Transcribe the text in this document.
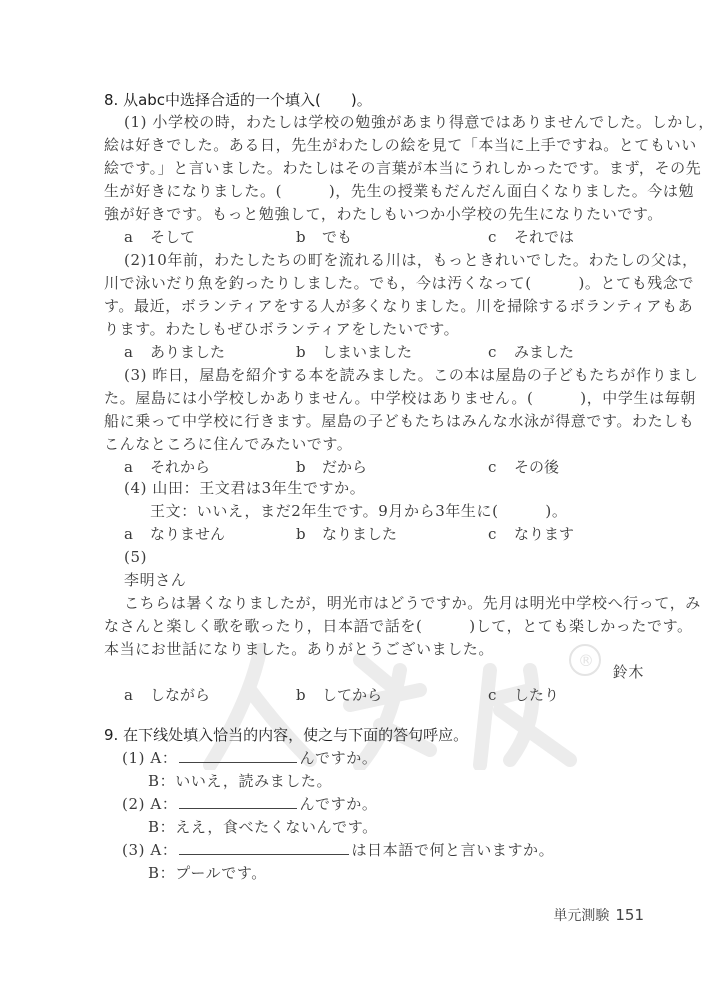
®
8. 从abc中选择合适的一个填入(　　)。
(1) 小学校の時，わたしは学校の勉強があまり得意ではありませんでした。しかし，
絵は好きでした。ある日，先生がわたしの絵を見て「本当に上手ですね。とてもいい
絵です。」と言いました。わたしはその言葉が本当にうれしかったです。まず，その先
生が好きになりました。(　　　)，先生の授業もだんだん面白くなりました。今は勉
強が好きです。もっと勉強して，わたしもいつか小学校の先生になりたいです。
a そして	b でも	c それでは
(2)10年前，わたしたちの町を流れる川は，もっときれいでした。わたしの父は，
川で泳いだり魚を釣ったりしました。でも，今は汚くなって(　　　)。とても残念で
す。最近，ボランティアをする人が多くなりました。川を掃除するボランティアもあ
ります。わたしもぜひボランティアをしたいです。
a ありました	b しまいました	c みました
(3) 昨日，屋島を紹介する本を読みました。この本は屋島の子どもたちが作りまし
た。屋島には小学校しかありません。中学校はありません。(　　　)，中学生は毎朝
船に乗って中学校に行きます。屋島の子どもたちはみんな水泳が得意です。わたしも
こんなところに住んでみたいです。
a それから	b だから	c その後
(4) 山田：王文君は3年生ですか。
王文：いいえ，まだ2年生です。9月から3年生に(　　　)。
a なりません	b なりました	c なります
(5)
李明さん
こちらは暑くなりましたが，明光市はどうですか。先月は明光中学校へ行って，み
なさんと楽しく歌を歌ったり，日本語で話を(　　　)して，とても楽しかったです。
本当にお世話になりました。ありがとうございました。
鈴木
a しながら	b してから	c したり
9. 在下线处填入恰当的内容，使之与下面的答句呼应。
(1) A：	んですか。
B：いいえ，読みました。
(2) A：	んですか。
B：ええ，食べたくないんです。
(3) A：	は日本語で何と言いますか。
B：プールです。
単元測験 151
